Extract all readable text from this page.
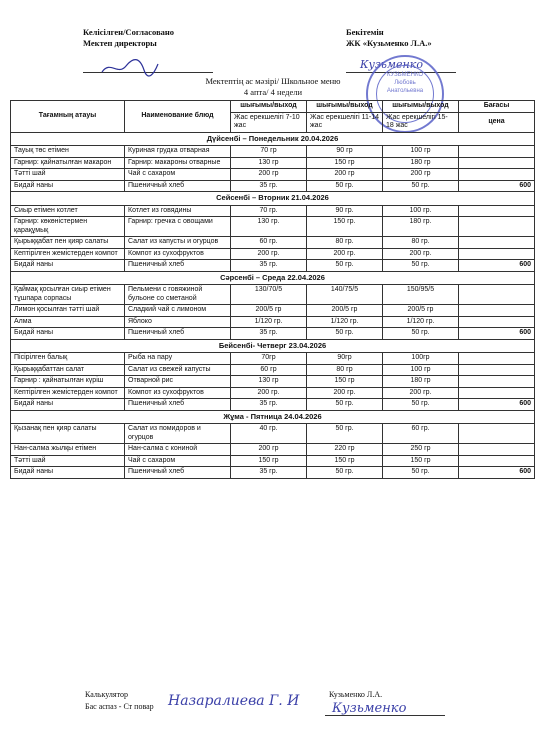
Келісілген/Согласовано
Мектеп директоры
Бекітемін
ЖК «Кузьменко Л.А.»
Кузьменко
КУЗЬМЕНКО
Любовь
Анатольевна
Мектептің ас мәзірі/ Школьное меню
4 апта/ 4 недели
Тағамның атауы	Наименование блюд	шығымы/выход	шығымы/выход	шығымы/выход	Бағасы
		Жас ерекшелігі 7-10 жас	Жас ерекшелігі 11-14 жас	Жас ерекшелігі 15-18 жас	цена
Дүйсенбі – Понедельник 20.04.2026					
Тауық төс етімен	Куриная грудка отварная	70 гр	90 гр	100 гр	
Гарнир: қайнатылған макарон	Гарнир: макароны отварные	130 гр	150 гр	180 гр	
Тәтті шай	Чай с сахаром	200 гр	200 гр	200 гр	
Бидай наны	Пшеничный хлеб	35 гр.	50 гр.	50 гр.	600
Сейсенбі – Вторник 21.04.2026					
Сиыр етімен котлет	Котлет из говядины	70 гр.	90 гр.	100 гр.	
Гарнир: көкөністермен қарақұмық	Гарнир: гречка с овощами	130 гр.	150 гр.	180 гр.	
Қырыққабат пен қияр салаты	Салат из капусты и огурцов	60 гр.	80 гр.	80 гр.	
Кептірілген жемістерден компот	Компот из сухофруктов	200 гр.	200 гр.	200 гр.	
Бидай наны	Пшеничный хлеб	35 гр.	50 гр.	50 гр.	600
Сәрсенбі – Среда 22.04.2026					
Қаймақ қосылған сиыр етімен тұшпара сорпасы	Пельмени с говяжиной бульоне со сметаной	130/70/5	140/75/5	150/95/5	
Лимон қосылған тәтті шай	Сладкий чай с лимоном	200/5 гр	200/5 гр	200/5 гр	
Алма	Яблоко	1/120 гр.	1/120 гр.	1/120 гр.	
Бидай наны	Пшеничный хлеб	35 гр.	50 гр.	50 гр.	600
Бейсенбі- Четверг 23.04.2026					
Пісірілген балық	Рыба на пару	70гр	90гр	100гр	
Қырыққабаттан салат	Салат из свежей капусты	60 гр	80 гр	100 гр	
Гарнир : қайнатылған күріш	Отварной рис	130 гр	150 гр	180 гр	
Кептірілген жемістерден компот	Компот из сухофруктов	200 гр.	200 гр.	200 гр.	
Бидай наны	Пшеничный хлеб	35 гр.	50 гр.	50 гр.	600
Жұма - Пятница 24.04.2026					
Қызанақ пен қияр салаты	Салат из помидоров и огурцов	40 гр.	50 гр.	60 гр.	
Нан-салма жылқы етімен	Нан-салма с кониной	200 гр	220 гр	250 гр	
Тәтті шай	Чай с сахаром	150 гр	150 гр	150 гр	
Бидай наны	Пшеничный хлеб	35 гр.	50 гр.	50 гр.	600
Калькулятор
Бас аспаз - Ст повар Назаралиева Г. И	Кузьменко Л.А.
Кузьменко
